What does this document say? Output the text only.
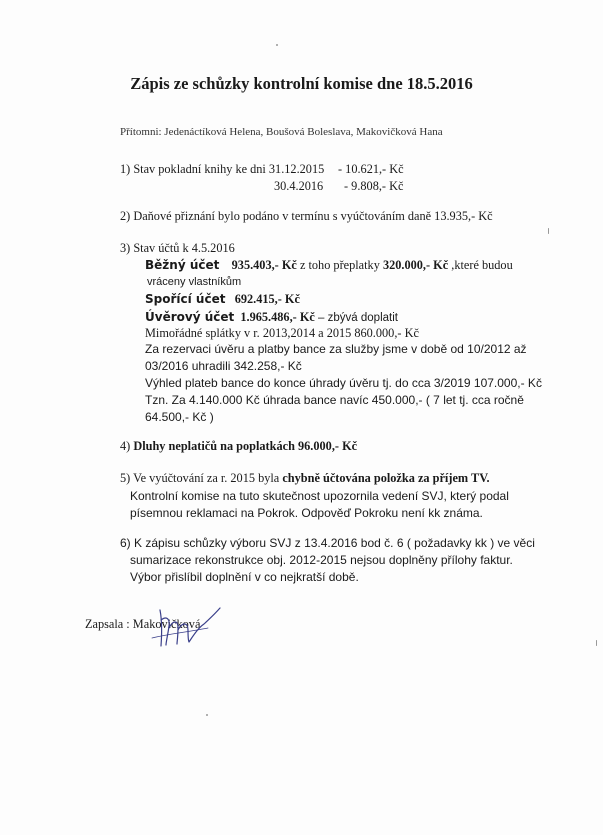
Zápis ze schůzky kontrolní komise dne 18.5.2016
Přítomni: Jedenáctíková Helena, Boušová Boleslava, Makovičková Hana
1) Stav pokladní knihy ke dni 31.12.2015 - 10.621,- Kč
30.4.2016 - 9.808,- Kč
2) Daňové přiznání bylo podáno v termínu s vyúčtováním daně 13.935,- Kč
3) Stav účtů k 4.5.2016
Běžný účet 935.403,- Kč z toho přeplatky 320.000,- Kč ,které budou
vráceny vlastníkům
Spořící účet 692.415,- Kč
Úvěrový účet 1.965.486,- Kč – zbývá doplatit
Mimořádné splátky v r. 2013,2014 a 2015 860.000,- Kč
Za rezervaci úvěru a platby bance za služby jsme v době od 10/2012 až
03/2016 uhradili 342.258,- Kč
Výhled plateb bance do konce úhrady úvěru tj. do cca 3/2019 107.000,- Kč
Tzn. Za 4.140.000 Kč úhrada bance navíc 450.000,- ( 7 let tj. cca ročně
64.500,- Kč )
4) Dluhy neplatičů na poplatkách 96.000,- Kč
5) Ve vyúčtování za r. 2015 byla chybně účtována položka za příjem TV.
Kontrolní komise na tuto skutečnost upozornila vedení SVJ, který podal
písemnou reklamaci na Pokrok. Odpověď Pokroku není kk známa.
6) K zápisu schůzky výboru SVJ z 13.4.2016 bod č. 6 ( požadavky kk ) ve věci
sumarizace rekonstrukce obj. 2012-2015 nejsou doplněny přílohy faktur.
Výbor přislíbil doplnění v co nejkratší době.
Zapsala : Makovičková
